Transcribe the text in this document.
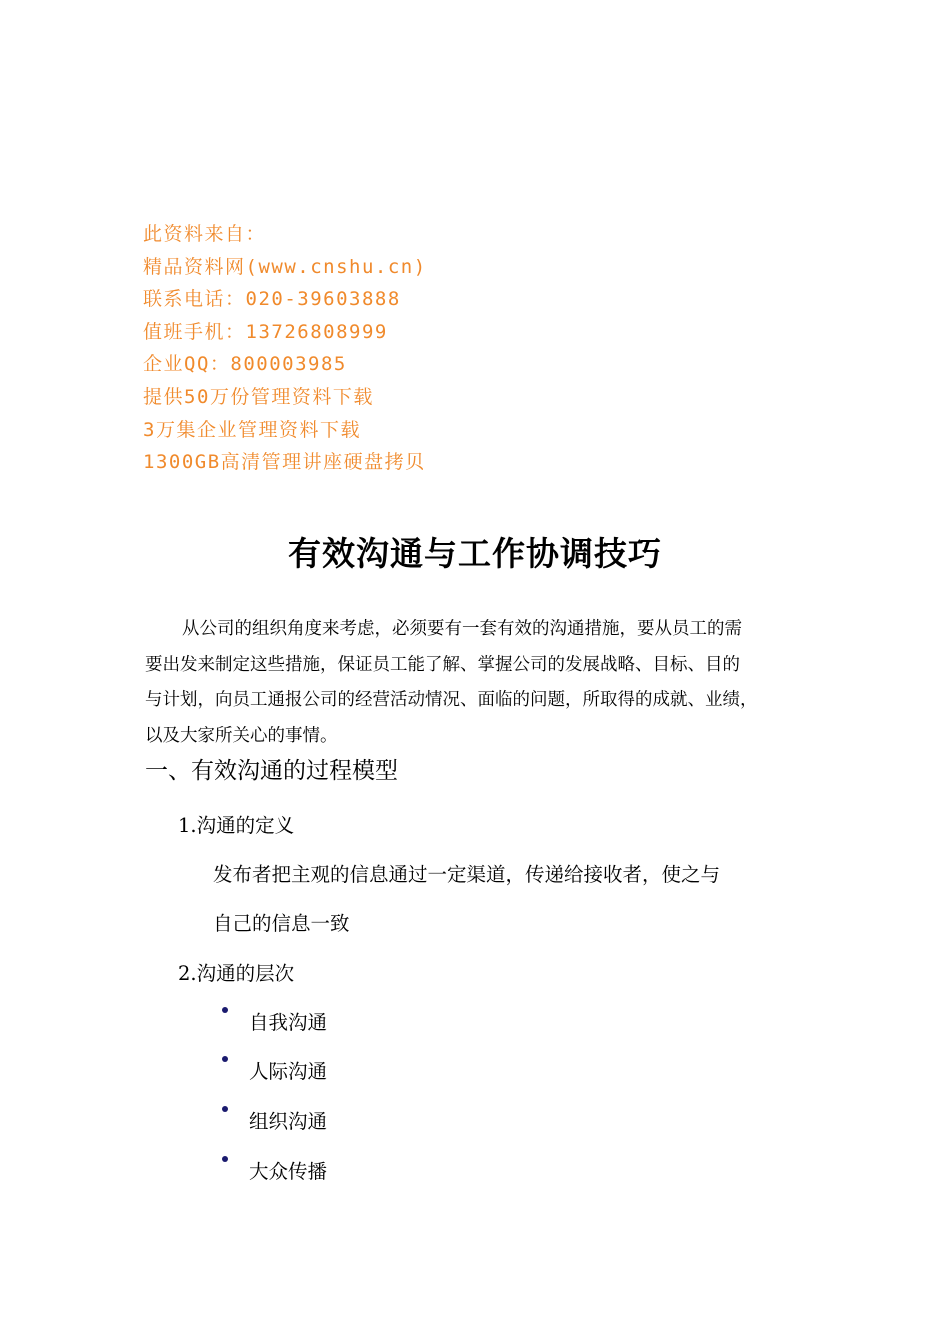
此资料来自：
精品资料网(www.cnshu.cn)
联系电话：020-39603888
值班手机：13726808999
企业QQ：800003985
提供50万份管理资料下载
3万集企业管理资料下载
1300GB高清管理讲座硬盘拷贝
有效沟通与工作协调技巧
从公司的组织角度来考虑，必须要有一套有效的沟通措施，要从员工的需
要出发来制定这些措施，保证员工能了解、掌握公司的发展战略、目标、目的
与计划，向员工通报公司的经营活动情况、面临的问题，所取得的成就、业绩，
以及大家所关心的事情。
一、有效沟通的过程模型
1.沟通的定义
发布者把主观的信息通过一定渠道，传递给接收者，使之与
自己的信息一致
2.沟通的层次
自我沟通
人际沟通
组织沟通
大众传播
